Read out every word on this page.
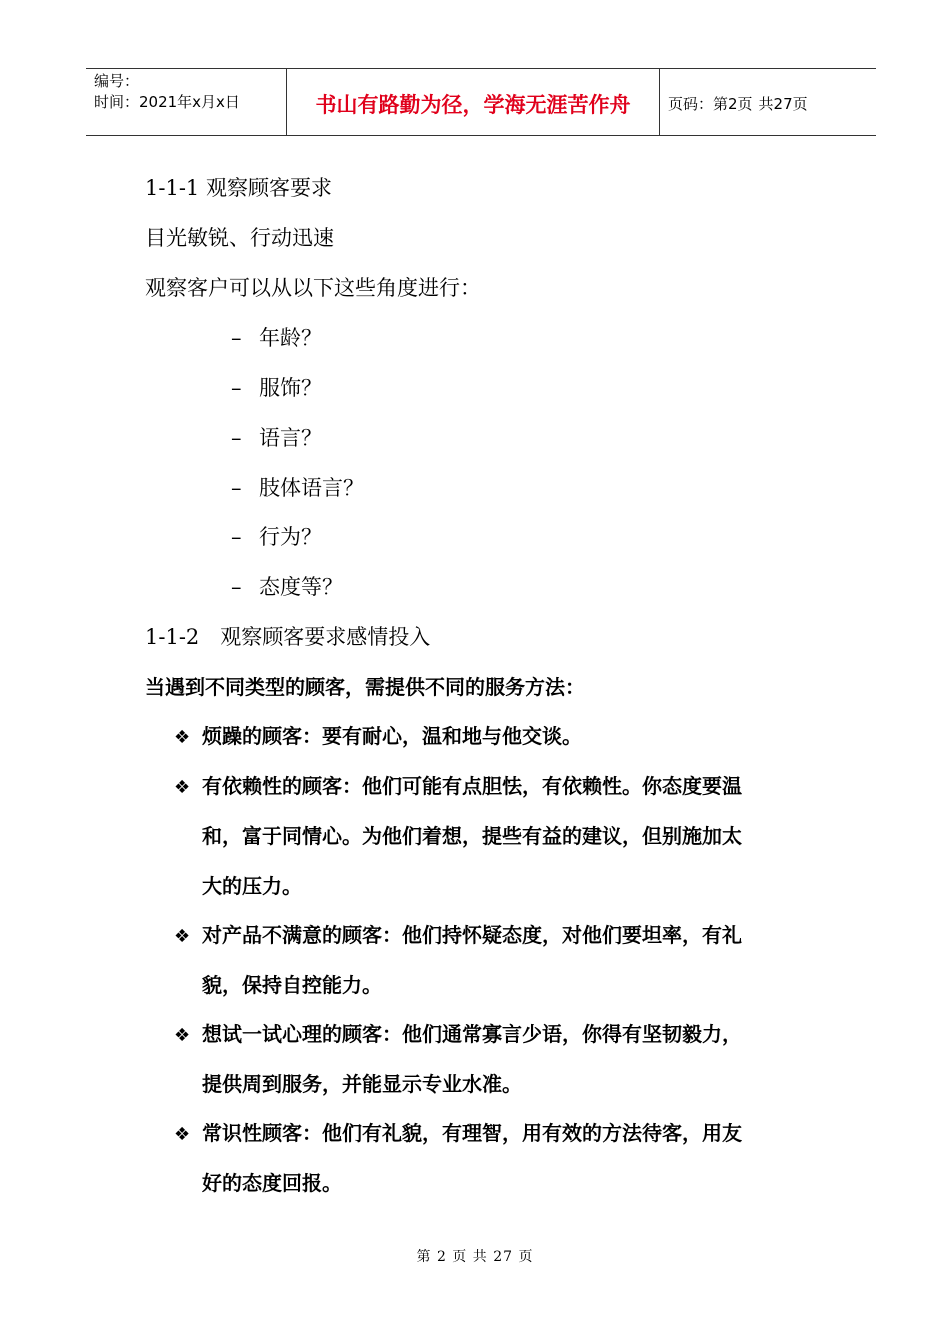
编号：
时间：2021年x月x日	书山有路勤为径，学海无涯苦作舟	页码：第2页 共27页
1-1-1 观察顾客要求
目光敏锐、行动迅速
观察客户可以从以下这些角度进行：
– 年龄？
– 服饰？
– 语言？
– 肢体语言？
– 行为？
– 态度等？
1-1-2　观察顾客要求感情投入
当遇到不同类型的顾客，需提供不同的服务方法：
❖ 烦躁的顾客：要有耐心，温和地与他交谈。
❖ 有依赖性的顾客：他们可能有点胆怯，有依赖性。你态度要温
和，富于同情心。为他们着想，提些有益的建议，但别施加太
大的压力。
❖ 对产品不满意的顾客：他们持怀疑态度，对他们要坦率，有礼
貌，保持自控能力。
❖ 想试一试心理的顾客：他们通常寡言少语，你得有坚韧毅力，
提供周到服务，并能显示专业水准。
❖ 常识性顾客：他们有礼貌，有理智，用有效的方法待客，用友
好的态度回报。
第 2 页 共 27 页
